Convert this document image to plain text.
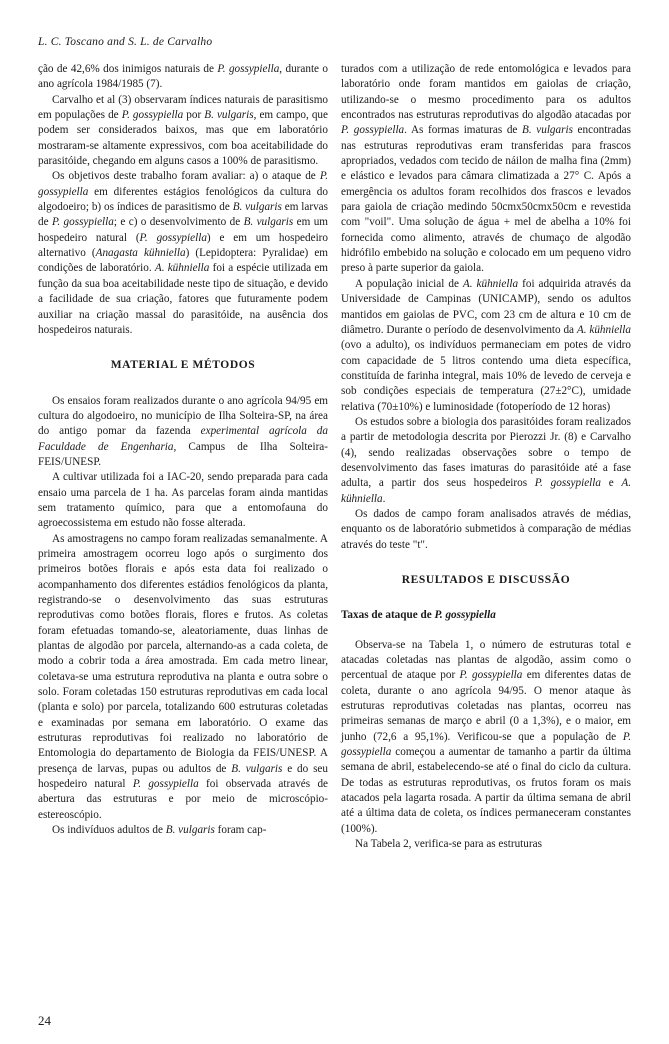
L. C. Toscano and S. L. de Carvalho

ção de 42,6% dos inimigos naturais de P. gossypiella, durante o ano agrícola 1984/1985 (7).

Carvalho et al (3) observaram índices naturais de parasitismo em populações de P. gossypiella por B. vulgaris, em campo, que podem ser considerados baixos, mas que em laboratório mostraram-se altamente expressivos, com boa aceitabilidade do parasitóide, chegando em alguns casos a 100% de parasitismo.

Os objetivos deste trabalho foram avaliar: a) o ataque de P. gossypiella em diferentes estágios fenológicos da cultura do algodoeiro; b) os índices de parasitismo de B. vulgaris em larvas de P. gossypiella; e c) o desenvolvimento de B. vulgaris em um hospedeiro natural (P. gossypiella) e em um hospedeiro alternativo (Anagasta kühniella) (Lepidoptera: Pyralidae) em condições de laboratório. A. kühniella foi a espécie utilizada em função da sua boa aceitabilidade neste tipo de situação, e devido a facilidade de sua criação, fatores que futuramente podem auxiliar na criação massal do parasitóide, na ausência dos hospedeiros naturais.

MATERIAL E MÉTODOS

Os ensaios foram realizados durante o ano agrícola 94/95 em cultura do algodoeiro, no município de Ilha Solteira-SP, na área do antigo pomar da fazenda experimental agrícola da Faculdade de Engenharia, Campus de Ilha Solteira-FEIS/UNESP.

A cultivar utilizada foi a IAC-20, sendo preparada para cada ensaio uma parcela de 1 ha. As parcelas foram ainda mantidas sem tratamento químico, para que a entomofauna do agroecossistema em estudo não fosse alterada.

As amostragens no campo foram realizadas semanalmente. A primeira amostragem ocorreu logo após o surgimento dos primeiros botões florais e após esta data foi realizado o acompanhamento dos diferentes estádios fenológicos da planta, registrando-se o desenvolvimento das suas estruturas reprodutivas como botões florais, flores e frutos. As coletas foram efetuadas tomando-se, aleatoriamente, duas linhas de plantas de algodão por parcela, alternando-as a cada coleta, de modo a cobrir toda a área amostrada. Em cada metro linear, coletava-se uma estrutura reprodutiva na planta e outra sobre o solo. Foram coletadas 150 estruturas reprodutivas em cada local (planta e solo) por parcela, totalizando 600 estruturas coletadas e examinadas por semana em laboratório. O exame das estruturas reprodutivas foi realizado no laboratório de Entomologia do departamento de Biologia da FEIS/UNESP. A presença de larvas, pupas ou adultos de B. vulgaris e do seu hospedeiro natural P. gossypiella foi observada através de abertura das estruturas e por meio de microscópio-estereoscópio.

Os indivíduos adultos de B. vulgaris foram cap-

turados com a utilização de rede entomológica e levados para laboratório onde foram mantidos em gaiolas de criação, utilizando-se o mesmo procedimento para os adultos encontrados nas estruturas reprodutivas do algodão atacadas por P. gossypiella. As formas imaturas de B. vulgaris encontradas nas estruturas reprodutivas eram transferidas para frascos apropriados, vedados com tecido de náilon de malha fina (2mm) e elástico e levados para câmara climatizada a 27° C. Após a emergência os adultos foram recolhidos dos frascos e levados para gaiola de criação medindo 50cmx50cmx50cm e revestida com "voil". Uma solução de água + mel de abelha a 10% foi fornecida como alimento, através de chumaço de algodão hidrófilo embebido na solução e colocado em um pequeno vidro preso à parte superior da gaiola.

A população inicial de A. kühniella foi adquirida através da Universidade de Campinas (UNICAMP), sendo os adultos mantidos em gaiolas de PVC, com 23 cm de altura e 10 cm de diâmetro. Durante o período de desenvolvimento da A. kühniella (ovo a adulto), os indivíduos permaneciam em potes de vidro com capacidade de 5 litros contendo uma dieta específica, constituída de farinha integral, mais 10% de levedo de cerveja e sob condições especiais de temperatura (27±2°C), umidade relativa (70±10%) e luminosidade (fotoperíodo de 12 horas)

Os estudos sobre a biologia dos parasitóides foram realizados a partir de metodologia descrita por Pierozzi Jr. (8) e Carvalho (4), sendo realizadas observações sobre o tempo de desenvolvimento das fases imaturas do parasitóide até a fase adulta, a partir dos seus hospedeiros P. gossypiella e A. kühniella.

Os dados de campo foram analisados através de médias, enquanto os de laboratório submetidos à comparação de médias através do teste "t".

RESULTADOS E DISCUSSÃO
Taxas de ataque de P. gossypiella

Observa-se na Tabela 1, o número de estruturas total e atacadas coletadas nas plantas de algodão, assim como o percentual de ataque por P. gossypiella em diferentes datas de coleta, durante o ano agrícola 94/95. O menor ataque às estruturas reprodutivas coletadas nas plantas, ocorreu nas primeiras semanas de março e abril (0 a 1,3%), e o maior, em junho (72,6 a 95,1%). Verificou-se que a população de P. gossypiella começou a aumentar de tamanho a partir da última semana de abril, estabelecendo-se até o final do ciclo da cultura. De todas as estruturas reprodutivas, os frutos foram os mais atacados pela lagarta rosada. A partir da última semana de abril até a última data de coleta, os índices permaneceram constantes (100%).

Na Tabela 2, verifica-se para as estruturas

24
